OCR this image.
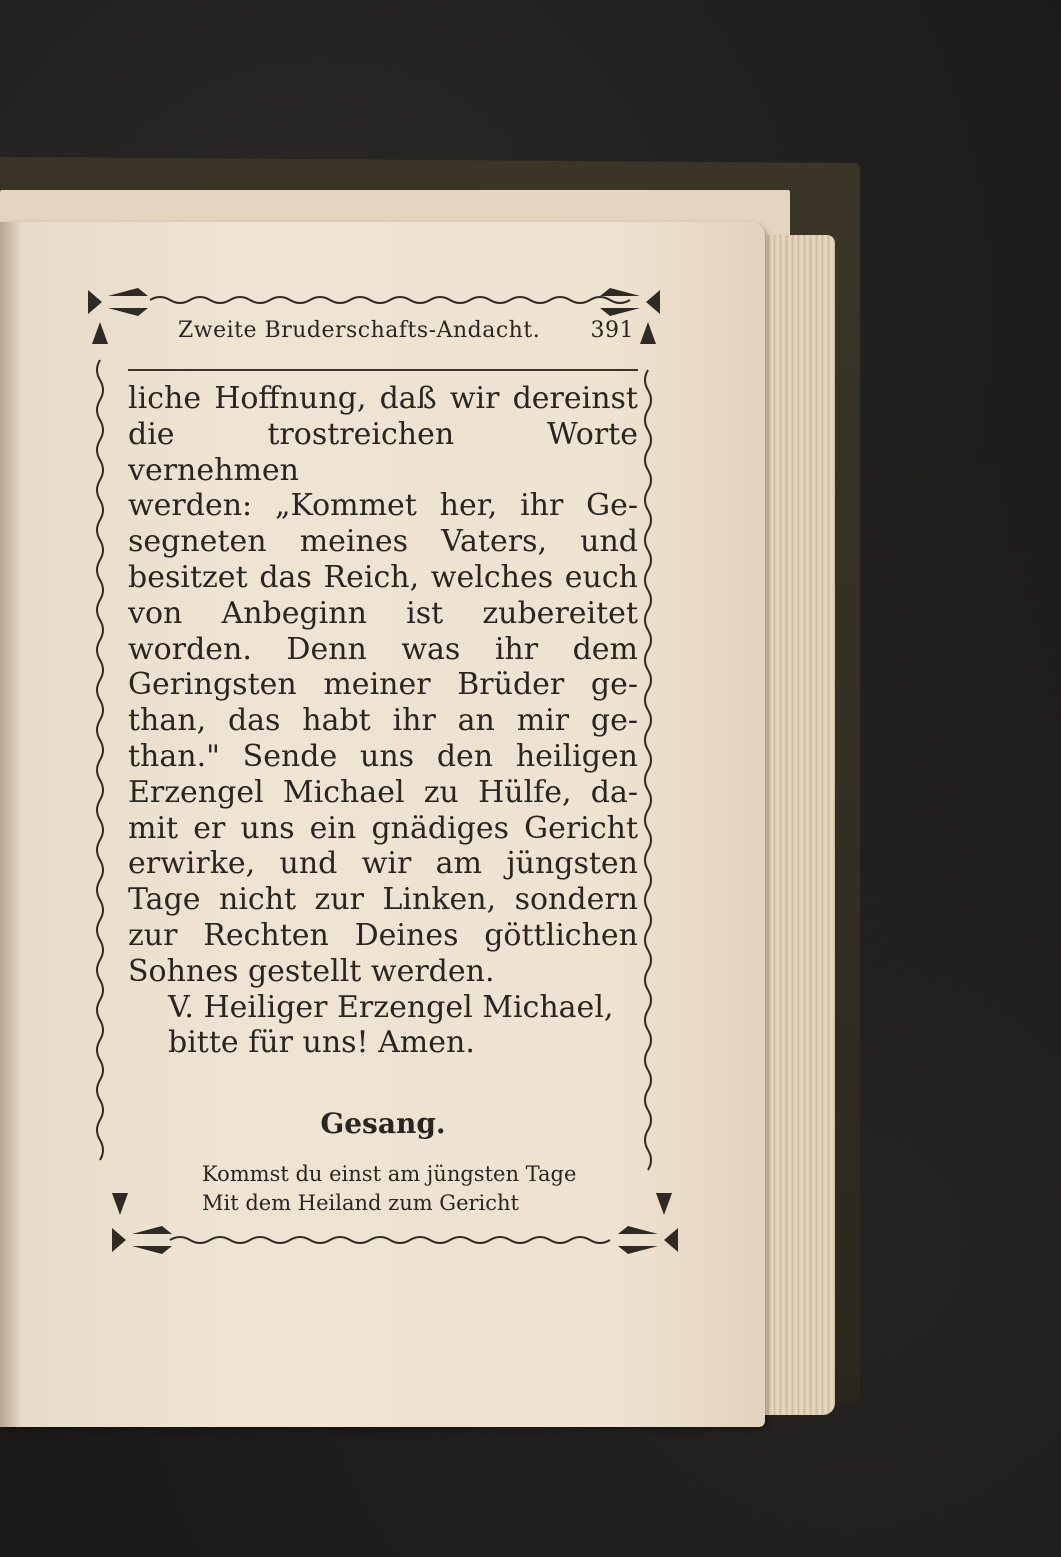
Zweite Bruderschafts-Andacht. 391
liche Hoffnung, daß wir dereinst
die trostreichen Worte vernehmen
werden: „Kommet her, ihr Ge-
segneten meines Vaters, und
besitzet das Reich, welches euch
von Anbeginn ist zubereitet
worden. Denn was ihr dem
Geringsten meiner Brüder ge-
than, das habt ihr an mir ge-
than." Sende uns den heiligen
Erzengel Michael zu Hülfe, da-
mit er uns ein gnädiges Gericht
erwirke, und wir am jüngsten
Tage nicht zur Linken, sondern
zur Rechten Deines göttlichen
Sohnes gestellt werden.
V. Heiliger Erzengel Michael,
bitte für uns! Amen.
Gesang.
Kommst du einst am jüngsten Tage
Mit dem Heiland zum Gericht
